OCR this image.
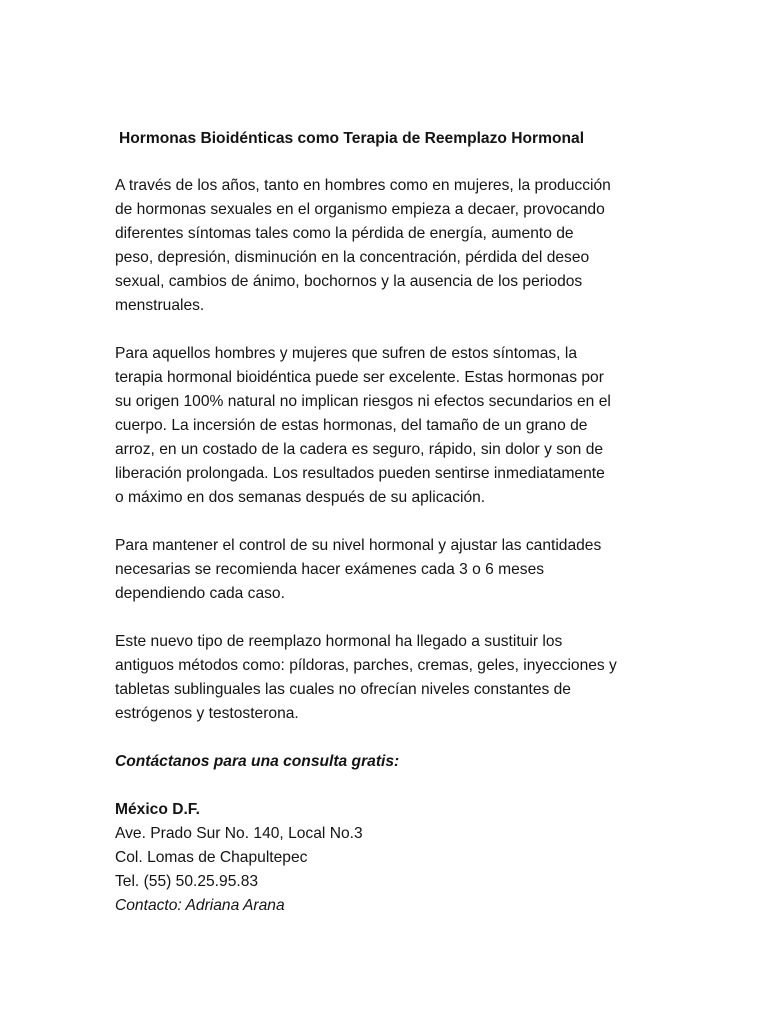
Hormonas Bioidénticas como Terapia de Reemplazo Hormonal

A través de los años, tanto en hombres como en mujeres, la producción
de hormonas sexuales en el organismo empieza a decaer, provocando
diferentes síntomas tales como la pérdida de energía, aumento de
peso, depresión, disminución en la concentración, pérdida del deseo
sexual, cambios de ánimo, bochornos y la ausencia de los periodos
menstruales.

Para aquellos hombres y mujeres que sufren de estos síntomas, la
terapia hormonal bioidéntica puede ser excelente. Estas hormonas por
su origen 100% natural no implican riesgos ni efectos secundarios en el
cuerpo. La incersión de estas hormonas, del tamaño de un grano de
arroz, en un costado de la cadera es seguro, rápido, sin dolor y son de
liberación prolongada. Los resultados pueden sentirse inmediatamente
o máximo en dos semanas después de su aplicación.

Para mantener el control de su nivel hormonal y ajustar las cantidades
necesarias se recomienda hacer exámenes cada 3 o 6 meses
dependiendo cada caso.

Este nuevo tipo de reemplazo hormonal ha llegado a sustituir los
antiguos métodos como: píldoras, parches, cremas, geles, inyecciones y
tabletas sublinguales las cuales no ofrecían niveles constantes de
estrógenos y testosterona.

Contáctanos para una consulta gratis:

México D.F.
Ave. Prado Sur No. 140, Local No.3
Col. Lomas de Chapultepec
Tel. (55) 50.25.95.83
Contacto: Adriana Arana
